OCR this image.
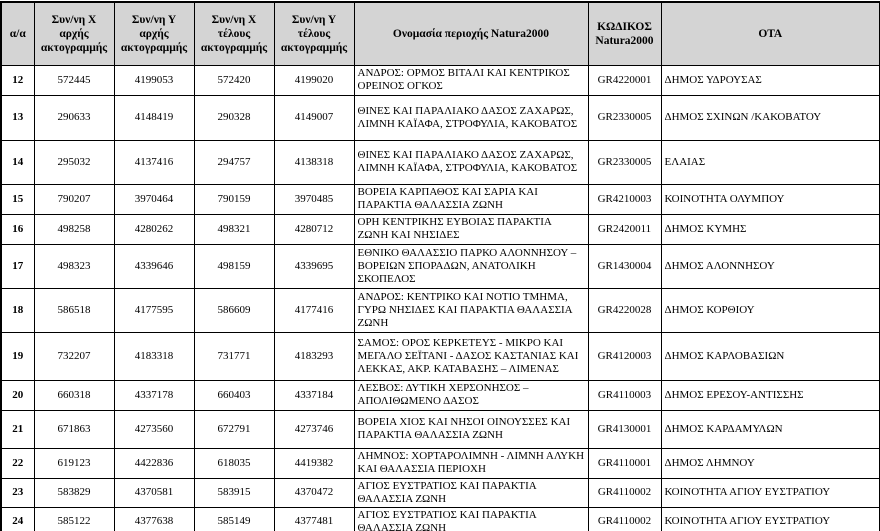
α/α	Συν/νη Χ αρχής ακτογραμμής	Συν/νη Υ αρχής ακτογραμμής	Συν/νη Χ τέλους ακτογραμμής	Συν/νη Υ τέλους ακτογραμμής	Ονομασία περιοχής Natura2000	ΚΩΔΙΚΟΣ Natura2000	ΟΤΑ
12	572445	4199053	572420	4199020	ΑΝΔΡΟΣ: ΟΡΜΟΣ ΒΙΤΑΛΙ ΚΑΙ ΚΕΝΤΡΙΚΟΣ ΟΡΕΙΝΟΣ ΟΓΚΟΣ	GR4220001	ΔΗΜΟΣ ΥΔΡΟΥΣΑΣ
13	290633	4148419	290328	4149007	ΘΙΝΕΣ ΚΑΙ ΠΑΡΑΛΙΑΚΟ ΔΑΣΟΣ ΖΑΧΑΡΩΣ, ΛΙΜΝΗ ΚΑΪΑΦΑ, ΣΤΡΟΦΥΛΙΑ, ΚΑΚΟΒΑΤΟΣ	GR2330005	ΔΗΜΟΣ ΣΧΙΝΩΝ /ΚΑΚΟΒΑΤΟΥ
14	295032	4137416	294757	4138318	ΘΙΝΕΣ ΚΑΙ ΠΑΡΑΛΙΑΚΟ ΔΑΣΟΣ ΖΑΧΑΡΩΣ, ΛΙΜΝΗ ΚΑΪΑΦΑ, ΣΤΡΟΦΥΛΙΑ, ΚΑΚΟΒΑΤΟΣ	GR2330005	ΕΛΑΙΑΣ
15	790207	3970464	790159	3970485	ΒΟΡΕΙΑ ΚΑΡΠΑΘΟΣ ΚΑΙ ΣΑΡΙΑ ΚΑΙ ΠΑΡΑΚΤΙΑ ΘΑΛΑΣΣΙΑ ΖΩΝΗ	GR4210003	ΚΟΙΝΟΤΗΤΑ ΟΛΥΜΠΟΥ
16	498258	4280262	498321	4280712	ΟΡΗ ΚΕΝΤΡΙΚΗΣ ΕΥΒΟΙΑΣ ΠΑΡΑΚΤΙΑ ΖΩΝΗ ΚΑΙ ΝΗΣΙΔΕΣ	GR2420011	ΔΗΜΟΣ ΚΥΜΗΣ
17	498323	4339646	498159	4339695	ΕΘΝΙΚΟ ΘΑΛΑΣΣΙΟ ΠΑΡΚΟ ΑΛΟΝΝΗΣΟΥ – ΒΟΡΕΙΩΝ ΣΠΟΡΑΔΩΝ, ΑΝΑΤΟΛΙΚΗ ΣΚΟΠΕΛΟΣ	GR1430004	ΔΗΜΟΣ ΑΛΟΝΝΗΣΟΥ
18	586518	4177595	586609	4177416	ΑΝΔΡΟΣ: ΚΕΝΤΡΙΚΟ ΚΑΙ ΝΟΤΙΟ ΤΜΗΜΑ, ΓΥΡΩ ΝΗΣΙΔΕΣ ΚΑΙ ΠΑΡΑΚΤΙΑ ΘΑΛΑΣΣΙΑ ΖΩΝΗ	GR4220028	ΔΗΜΟΣ ΚΟΡΘΙΟΥ
19	732207	4183318	731771	4183293	ΣΑΜΟΣ: ΟΡΟΣ ΚΕΡΚΕΤΕΥΣ - ΜΙΚΡΟ ΚΑΙ ΜΕΓΑΛΟ ΣΕΪΤΑΝΙ - ΔΑΣΟΣ ΚΑΣΤΑΝΙΑΣ ΚΑΙ ΛΕΚΚΑΣ, ΑΚΡ. ΚΑΤΑΒΑΣΗΣ – ΛΙΜΕΝΑΣ	GR4120003	ΔΗΜΟΣ ΚΑΡΛΟΒΑΣΙΩΝ
20	660318	4337178	660403	4337184	ΛΕΣΒΟΣ: ΔΥΤΙΚΗ ΧΕΡΣΟΝΗΣΟΣ – ΑΠΟΛΙΘΩΜΕΝΟ ΔΑΣΟΣ	GR4110003	ΔΗΜΟΣ ΕΡΕΣΟΥ-ΑΝΤΙΣΣΗΣ
21	671863	4273560	672791	4273746	ΒΟΡΕΙΑ ΧΙΟΣ ΚΑΙ ΝΗΣΟΙ ΟΙΝΟΥΣΣΕΣ ΚΑΙ ΠΑΡΑΚΤΙΑ ΘΑΛΑΣΣΙΑ ΖΩΝΗ	GR4130001	ΔΗΜΟΣ ΚΑΡΔΑΜΥΛΩΝ
22	619123	4422836	618035	4419382	ΛΗΜΝΟΣ: ΧΟΡΤΑΡΟΛΙΜΝΗ - ΛΙΜΝΗ ΑΛΥΚΗ ΚΑΙ ΘΑΛΑΣΣΙΑ ΠΕΡΙΟΧΗ	GR4110001	ΔΗΜΟΣ ΛΗΜΝΟΥ
23	583829	4370581	583915	4370472	ΑΓΙΟΣ ΕΥΣΤΡΑΤΙΟΣ ΚΑΙ ΠΑΡΑΚΤΙΑ ΘΑΛΑΣΣΙΑ ΖΩΝΗ	GR4110002	ΚΟΙΝΟΤΗΤΑ ΑΓΙΟΥ ΕΥΣΤΡΑΤΙΟΥ
24	585122	4377638	585149	4377481	ΑΓΙΟΣ ΕΥΣΤΡΑΤΙΟΣ ΚΑΙ ΠΑΡΑΚΤΙΑ ΘΑΛΑΣΣΙΑ ΖΩΝΗ	GR4110002	ΚΟΙΝΟΤΗΤΑ ΑΓΙΟΥ ΕΥΣΤΡΑΤΙΟΥ
